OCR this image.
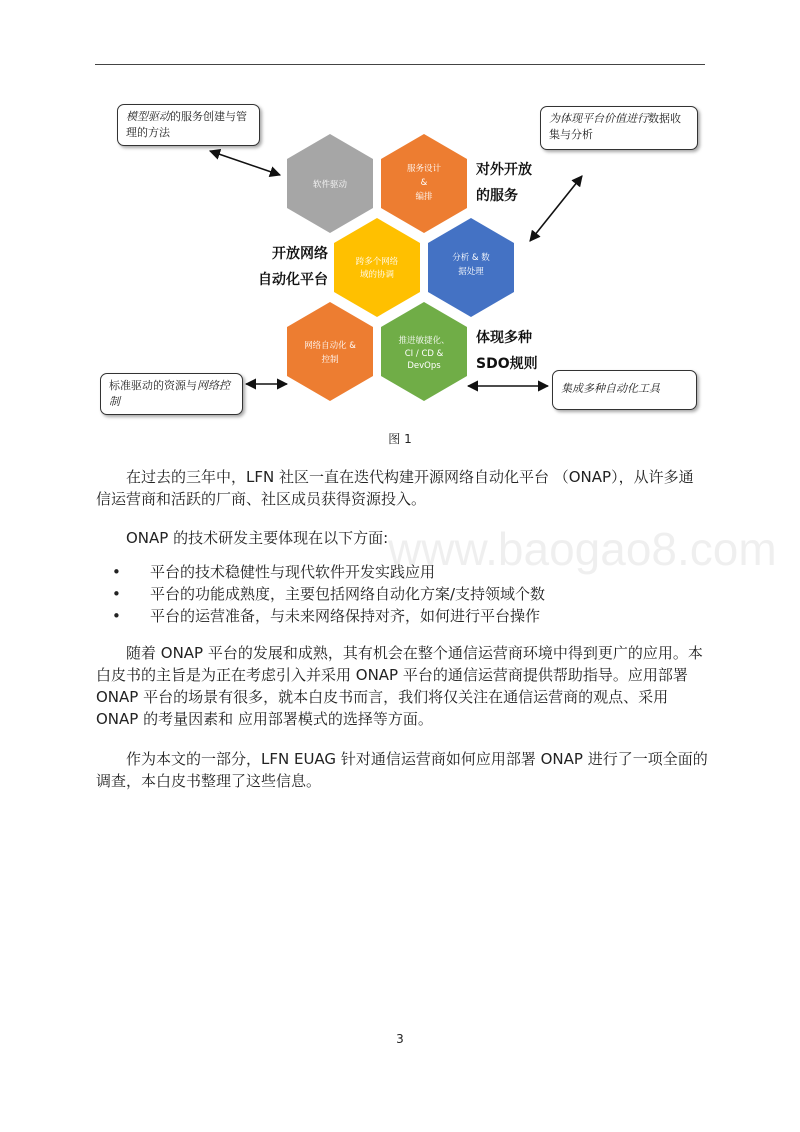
软件驱动
服务设计
&
编排
跨多个网络
域的协调
分析 & 数
据处理
网络自动化 &
控制
推进敏捷化、
CI / CD &
DevOps
模型驱动的服务创建与管理的方法
为体现平台价值进行数据收集与分析
标准驱动的资源与网络控制
集成多种自动化工具
对外开放
的服务
开放网络
自动化平台
体现多种
SDO规则
图 1
www.baogao8.com
在过去的三年中，LFN 社区一直在迭代构建开源网络自动化平台 （ONAP），从许多通信运营商和活跃的厂商、社区成员获得资源投入。
ONAP 的技术研发主要体现在以下方面:
• 平台的技术稳健性与现代软件开发实践应用
• 平台的功能成熟度，主要包括网络自动化方案/支持领域个数
• 平台的运营准备，与未来网络保持对齐，如何进行平台操作
随着 ONAP 平台的发展和成熟，其有机会在整个通信运营商环境中得到更广的应用。本白皮书的主旨是为正在考虑引入并采用 ONAP 平台的通信运营商提供帮助指导。应用部署 ONAP 平台的场景有很多，就本白皮书而言，我们将仅关注在通信运营商的观点、采用 ONAP 的考量因素和 应用部署模式的选择等方面。
作为本文的一部分，LFN EUAG 针对通信运营商如何应用部署 ONAP 进行了一项全面的调查，本白皮书整理了这些信息。
3
